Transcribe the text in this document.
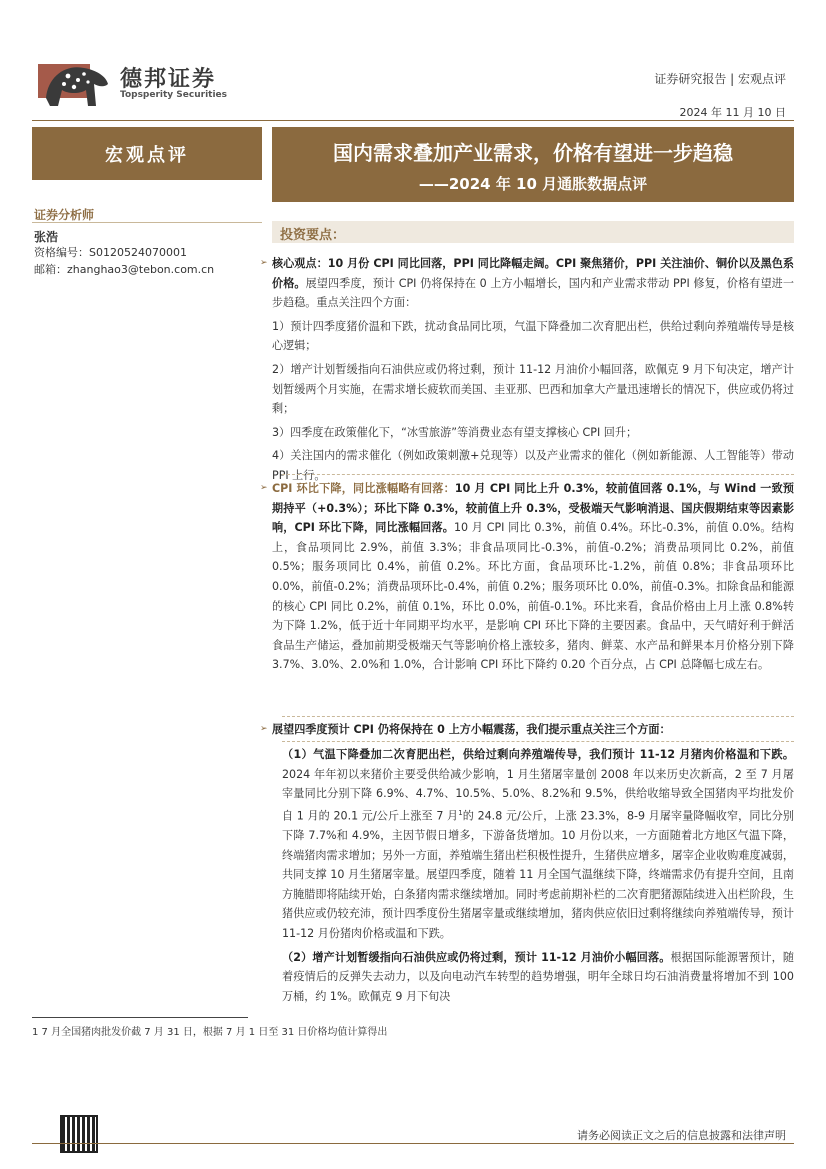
德邦证券
Topsperity Securities
证券研究报告 | 宏观点评
2024 年 11 月 10 日
宏观点评	国内需求叠加产业需求，价格有望进一步趋稳
——2024 年 10 月通胀数据点评
证券分析师
张浩
资格编号：S0120524070001
邮箱：zhanghao3@tebon.com.cn
投资要点：
➢ 核心观点：10 月份 CPI 同比回落，PPI 同比降幅走阔。CPI 聚焦猪价，PPI 关注油价、铜价以及黑色系价格。展望四季度，预计 CPI 仍将保持在 0 上方小幅增长，国内和产业需求带动 PPI 修复，价格有望进一步趋稳。重点关注四个方面：

1）预计四季度猪价温和下跌，扰动食品同比项，气温下降叠加二次育肥出栏，供给过剩向养殖端传导是核心逻辑；

2）增产计划暂缓指向石油供应或仍将过剩，预计 11-12 月油价小幅回落，欧佩克 9 月下旬决定，增产计划暂缓两个月实施，在需求增长疲软而美国、圭亚那、巴西和加拿大产量迅速增长的情况下，供应或仍将过剩；

3）四季度在政策催化下，“冰雪旅游”等消费业态有望支撑核心 CPI 回升；

4）关注国内的需求催化（例如政策刺激+兑现等）以及产业需求的催化（例如新能源、人工智能等）带动 PPI 上行。

➢ CPI 环比下降，同比涨幅略有回落：10 月 CPI 同比上升 0.3%，较前值回落 0.1%，与 Wind 一致预期持平（+0.3%）；环比下降 0.3%，较前值上升 0.3%，受极端天气影响消退、国庆假期结束等因素影响，CPI 环比下降，同比涨幅回落。10 月 CPI 同比 0.3%，前值 0.4%。环比-0.3%，前值 0.0%。结构上，食品项同比 2.9%，前值 3.3%；非食品项同比-0.3%，前值-0.2%；消费品项同比 0.2%，前值 0.5%；服务项同比 0.4%，前值 0.2%。环比方面，食品项环比-1.2%，前值 0.8%；非食品项环比 0.0%，前值-0.2%；消费品项环比-0.4%，前值 0.2%；服务项环比 0.0%，前值-0.3%。扣除食品和能源的核心 CPI 同比 0.2%，前值 0.1%，环比 0.0%，前值-0.1%。环比来看，食品价格由上月上涨 0.8%转为下降 1.2%，低于近十年同期平均水平，是影响 CPI 环比下降的主要因素。食品中，天气晴好利于鲜活食品生产储运，叠加前期受极端天气等影响价格上涨较多，猪肉、鲜菜、水产品和鲜果本月价格分别下降 3.7%、3.0%、2.0%和 1.0%，合计影响 CPI 环比下降约 0.20 个百分点，占 CPI 总降幅七成左右。

➢ 展望四季度预计 CPI 仍将保持在 0 上方小幅震荡，我们提示重点关注三个方面：

（1）气温下降叠加二次育肥出栏，供给过剩向养殖端传导，我们预计 11-12 月猪肉价格温和下跌。2024 年年初以来猪价主要受供给减少影响，1 月生猪屠宰量创 2008 年以来历史次新高，2 至 7 月屠宰量同比分别下降 6.9%、4.7%、10.5%、5.0%、8.2%和 9.5%，供给收缩导致全国猪肉平均批发价自 1 月的 20.1 元/公斤上涨至 7 月$^1$的 24.8 元/公斤，上涨 23.3%，8-9 月屠宰量降幅收窄，同比分别下降 7.7%和 4.9%，主因节假日增多，下游备货增加。10 月份以来，一方面随着北方地区气温下降，终端猪肉需求增加；另外一方面，养殖端生猪出栏积极性提升，生猪供应增多，屠宰企业收购难度减弱，共同支撑 10 月生猪屠宰量。展望四季度，随着 11 月全国气温继续下降，终端需求仍有提升空间，且南方腌腊即将陆续开始，白条猪肉需求继续增加。同时考虑前期补栏的二次育肥猪源陆续进入出栏阶段，生猪供应或仍较充沛，预计四季度份生猪屠宰量或继续增加，猪肉供应依旧过剩将继续向养殖端传导，预计 11-12 月份猪肉价格或温和下跌。

（2）增产计划暂缓指向石油供应或仍将过剩，预计 11-12 月油价小幅回落。根据国际能源署预计，随着疫情后的反弹失去动力，以及向电动汽车转型的趋势增强，明年全球日均石油消费量将增加不到 100 万桶，约 1%。欧佩克 9 月下旬决

1 7 月全国猪肉批发价截 7 月 31 日，根据 7 月 1 日至 31 日价格均值计算得出
请务必阅读正文之后的信息披露和法律声明
